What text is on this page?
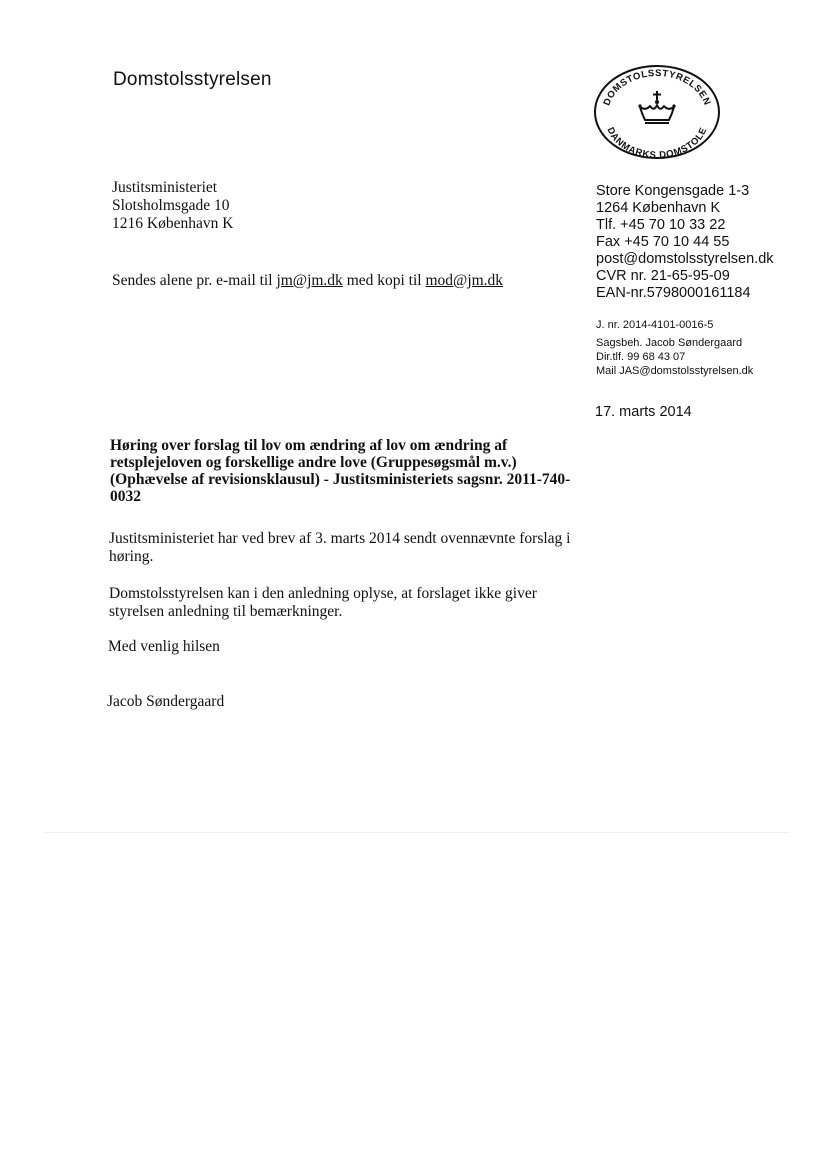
Domstolsstyrelsen
DOMSTOLSSTYRELSEN
DANMARKS DOMSTOLE
Justitsministeriet
Slotsholmsgade 10
1216 København K
Store Kongensgade 1-3
1264 København K
Tlf. +45 70 10 33 22
Fax +45 70 10 44 55
post@domstolsstyrelsen.dk
CVR nr. 21-65-95-09
EAN-nr.5798000161184
Sendes alene pr. e-mail til jm@jm.dk med kopi til mod@jm.dk
J. nr. 2014-4101-0016-5
Sagsbeh. Jacob Søndergaard
Dir.tlf. 99 68 43 07
Mail JAS@domstolsstyrelsen.dk
17. marts 2014
Høring over forslag til lov om ændring af lov om ændring af
retsplejeloven og forskellige andre love (Gruppesøgsmål m.v.)
(Ophævelse af revisionsklausul) - Justitsministeriets sagsnr. 2011-740-
0032
Justitsministeriet har ved brev af 3. marts 2014 sendt ovennævnte forslag i
høring.
Domstolsstyrelsen kan i den anledning oplyse, at forslaget ikke giver
styrelsen anledning til bemærkninger.
Med venlig hilsen
Jacob Søndergaard
